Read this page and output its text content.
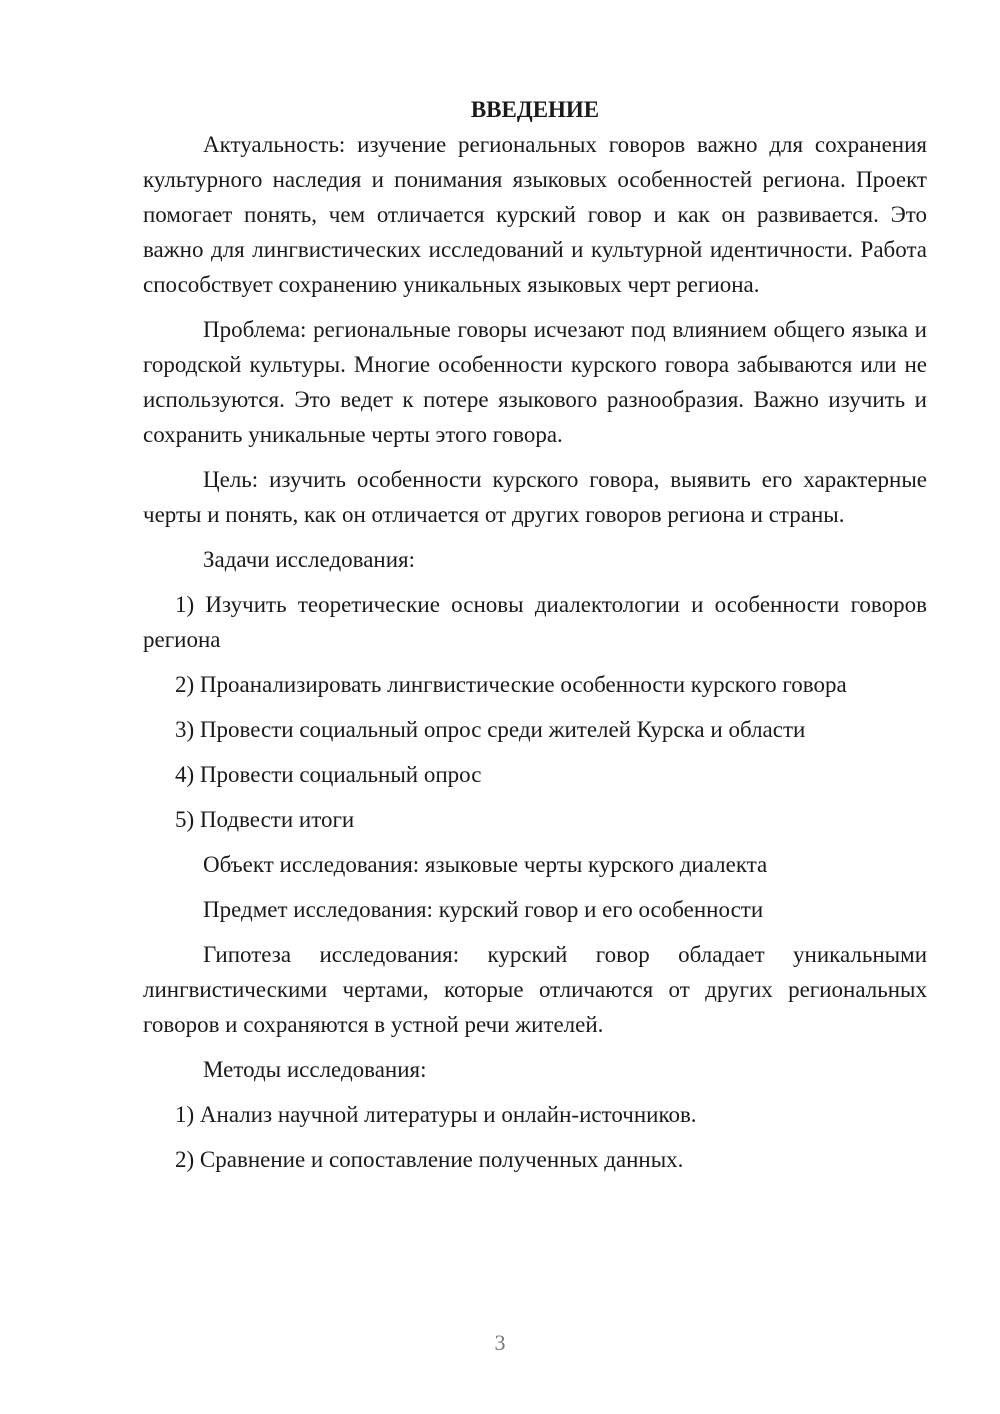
ВВЕДЕНИЕ

Актуальность: изучение региональных говоров важно для сохранения культурного наследия и понимания языковых особенностей региона. Проект помогает понять, чем отличается курский говор и как он развивается. Это важно для лингвистических исследований и культурной идентичности. Работа способствует сохранению уникальных языковых черт региона.

Проблема: региональные говоры исчезают под влиянием общего языка и городской культуры. Многие особенности курского говора забываются или не используются. Это ведет к потере языкового разнообразия. Важно изучить и сохранить уникальные черты этого говора.

Цель: изучить особенности курского говора, выявить его характерные черты и понять, как он отличается от других говоров региона и страны.

Задачи исследования:

1) Изучить теоретические основы диалектологии и особенности говоров региона

2) Проанализировать лингвистические особенности курского говора

3) Провести социальный опрос среди жителей Курска и области

4) Провести социальный опрос

5) Подвести итоги

Объект исследования: языковые черты курского диалекта

Предмет исследования: курский говор и его особенности

Гипотеза исследования: курский говор обладает уникальными лингвистическими чертами, которые отличаются от других региональных говоров и сохраняются в устной речи жителей.

Методы исследования:

1) Анализ научной литературы и онлайн-источников.

2) Сравнение и сопоставление полученных данных.

3
